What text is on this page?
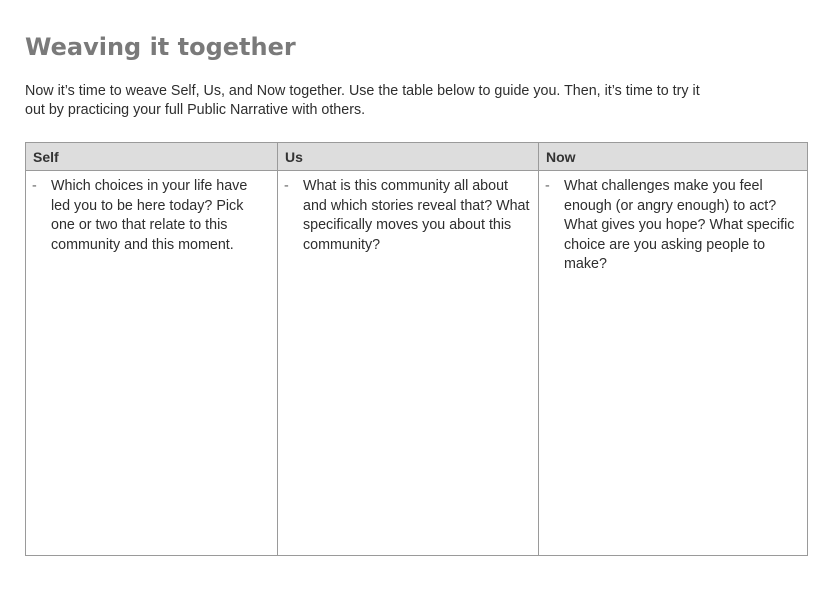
Weaving it together

Now it’s time to weave Self, Us, and Now together. Use the table below to guide you. Then, it’s time to try it out by practicing your full Public Narrative with others.

Self	Us	Now

- Which choices in your life have led you to be here today? Pick one or two that relate to this community and this moment.	- What is this community all about and which stories reveal that? What specifically moves you about this community?	- What challenges make you feel enough (or angry enough) to act? What gives you hope? What specific choice are you asking people to make?
